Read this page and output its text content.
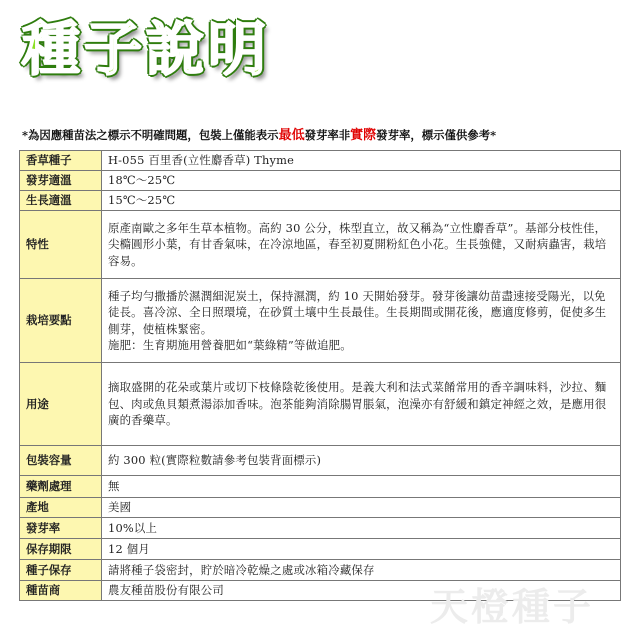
種子說明
*為因應種苗法之標示不明確問題，包裝上僅能表示最低發芽率非實際發芽率，標示僅供參考*
香草種子	H-055 百里香(立性麝香草) Thyme
發芽適溫	18℃～25℃
生長適溫	15℃～25℃
特性	原產南歐之多年生草本植物。高約 30 公分，株型直立，故又稱為“立性麝香草”。基部分枝性佳，尖橢圓形小葉，有甘香氣味，在冷涼地區，春至初夏開粉紅色小花。生長強健，又耐病蟲害，栽培容易。
栽培要點	種子均勻撒播於濕潤細泥炭土，保持濕潤，約 10 天開始發芽。發芽後讓幼苗盡速接受陽光，以免徒長。喜冷涼、全日照環境，在砂質土壤中生長最佳。生長期間或開花後，應適度修剪，促使多生側芽，使植株緊密。
施肥：生育期施用營養肥如“葉綠精”等做追肥。

用途	摘取盛開的花朵或葉片或切下枝條陰乾後使用。是義大利和法式菜餚常用的香辛調味料，沙拉、麵包、肉或魚貝類煮湯添加香味。泡茶能夠消除腸胃脹氣，泡澡亦有舒緩和鎮定神經之效，是應用很廣的香藥草。
包裝容量	約 300 粒(實際粒數請參考包裝背面標示)
藥劑處理	無
產地	美國
發芽率	10%以上
保存期限	12 個月
種子保存	請將種子袋密封，貯於暗冷乾燥之處或冰箱冷藏保存
種苗商	農友種苗股份有限公司	天橙種子
